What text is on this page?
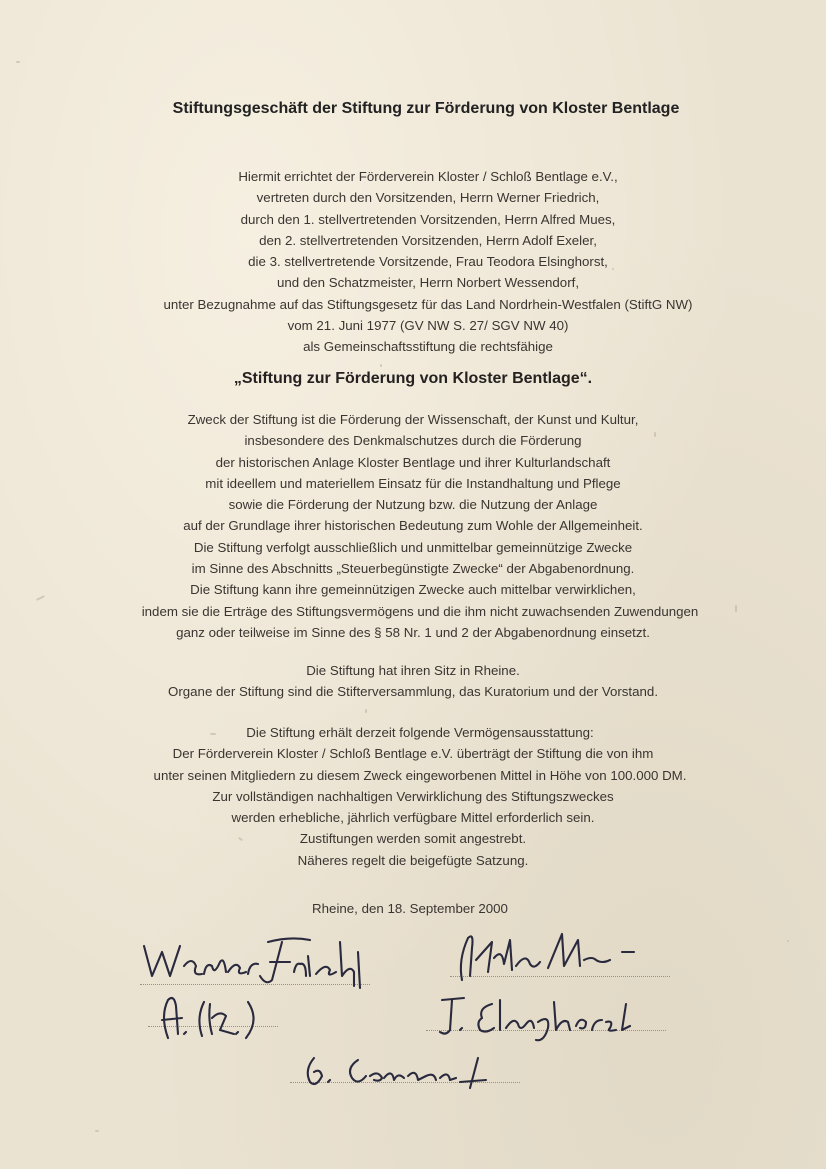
Stiftungsgeschäft der Stiftung zur Förderung von Kloster Bentlage
Hiermit errichtet der Förderverein Kloster / Schloß Bentlage e.V.,
vertreten durch den Vorsitzenden, Herrn Werner Friedrich,
durch den 1. stellvertretenden Vorsitzenden, Herrn Alfred Mues,
den 2. stellvertretenden Vorsitzenden, Herrn Adolf Exeler,
die 3. stellvertretende Vorsitzende, Frau Teodora Elsinghorst,
und den Schatzmeister, Herrn Norbert Wessendorf,
unter Bezugnahme auf das Stiftungsgesetz für das Land Nordrhein-Westfalen (StiftG NW)
vom 21. Juni 1977 (GV NW S. 27/ SGV NW 40)
als Gemeinschaftsstiftung die rechtsfähige
„Stiftung zur Förderung von Kloster Bentlage“.
Zweck der Stiftung ist die Förderung der Wissenschaft, der Kunst und Kultur,
insbesondere des Denkmalschutzes durch die Förderung
der historischen Anlage Kloster Bentlage und ihrer Kulturlandschaft
mit ideellem und materiellem Einsatz für die Instandhaltung und Pflege
sowie die Förderung der Nutzung bzw. die Nutzung der Anlage
auf der Grundlage ihrer historischen Bedeutung zum Wohle der Allgemeinheit.
Die Stiftung verfolgt ausschließlich und unmittelbar gemeinnützige Zwecke
im Sinne des Abschnitts „Steuerbegünstigte Zwecke“ der Abgabenordnung.
Die Stiftung kann ihre gemeinnützigen Zwecke auch mittelbar verwirklichen,
indem sie die Erträge des Stiftungsvermögens und die ihm nicht zuwachsenden Zuwendungen
ganz oder teilweise im Sinne des § 58 Nr. 1 und 2 der Abgabenordnung einsetzt.
Die Stiftung hat ihren Sitz in Rheine.
Organe der Stiftung sind die Stifterversammlung, das Kuratorium und der Vorstand.
Die Stiftung erhält derzeit folgende Vermögensausstattung:
Der Förderverein Kloster / Schloß Bentlage e.V. überträgt der Stiftung die von ihm
unter seinen Mitgliedern zu diesem Zweck eingeworbenen Mittel in Höhe von 100.000 DM.
Zur vollständigen nachhaltigen Verwirklichung des Stiftungszweckes
werden erhebliche, jährlich verfügbare Mittel erforderlich sein.
Zustiftungen werden somit angestrebt.
Näheres regelt die beigefügte Satzung.
Rheine, den 18. September 2000
